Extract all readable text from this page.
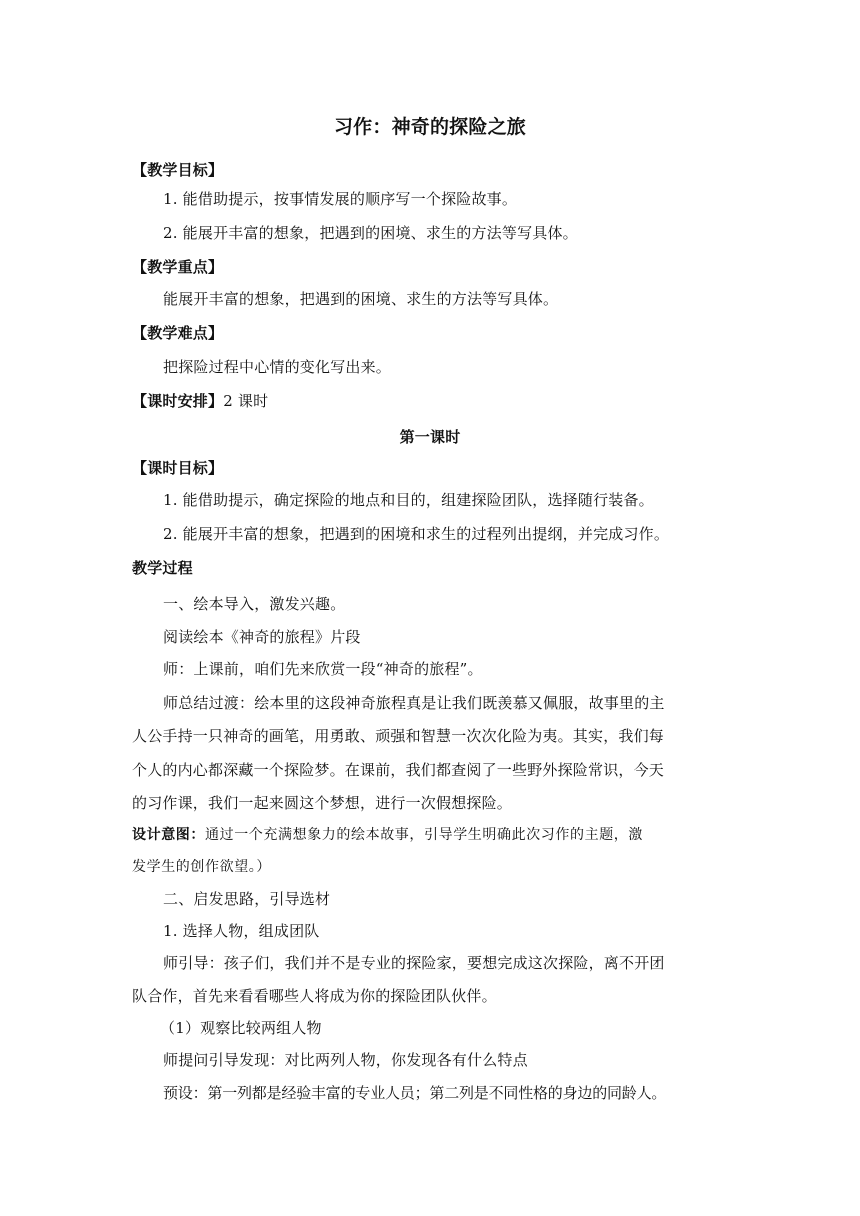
习作：神奇的探险之旅
【教学目标】
1. 能借助提示，按事情发展的顺序写一个探险故事。
2. 能展开丰富的想象，把遇到的困境、求生的方法等写具体。
【教学重点】
能展开丰富的想象，把遇到的困境、求生的方法等写具体。
【教学难点】
把探险过程中心情的变化写出来。
【课时安排】2 课时
第一课时
【课时目标】
1. 能借助提示，确定探险的地点和目的，组建探险团队，选择随行装备。
2. 能展开丰富的想象，把遇到的困境和求生的过程列出提纲，并完成习作。
教学过程
一、绘本导入，激发兴趣。
阅读绘本《神奇的旅程》片段
师：上课前，咱们先来欣赏一段“神奇的旅程”。
师总结过渡：绘本里的这段神奇旅程真是让我们既羡慕又佩服，故事里的主
人公手持一只神奇的画笔，用勇敢、顽强和智慧一次次化险为夷。其实，我们每
个人的内心都深藏一个探险梦。在课前，我们都查阅了一些野外探险常识，今天
的习作课，我们一起来圆这个梦想，进行一次假想探险。
设计意图：通过一个充满想象力的绘本故事，引导学生明确此次习作的主题，激
发学生的创作欲望。）
二、启发思路，引导选材
1. 选择人物，组成团队
师引导：孩子们，我们并不是专业的探险家，要想完成这次探险，离不开团
队合作，首先来看看哪些人将成为你的探险团队伙伴。
（1）观察比较两组人物
师提问引导发现：对比两列人物，你发现各有什么特点
预设：第一列都是经验丰富的专业人员；第二列是不同性格的身边的同龄人。
